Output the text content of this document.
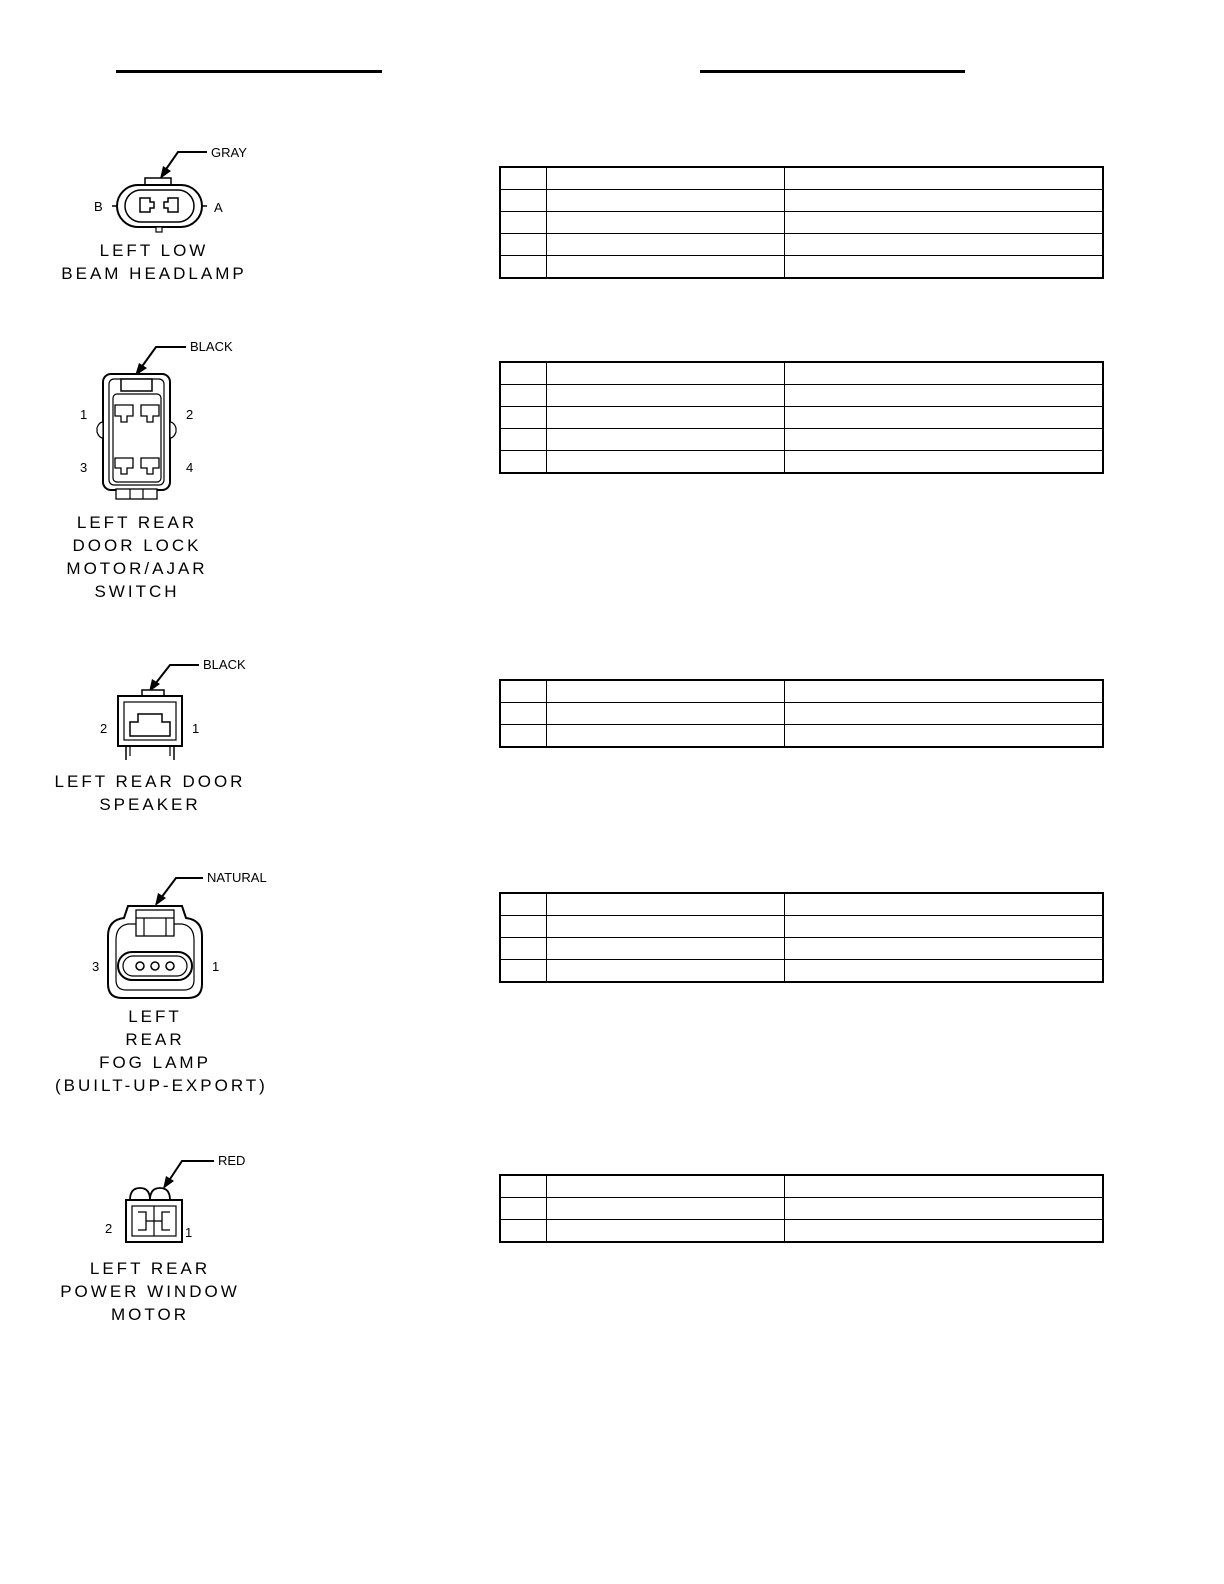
GRAY
B	A
LEFT LOW
BEAM HEADLAMP

BLACK
1	2
3	4
LEFT REAR
DOOR LOCK
MOTOR/AJAR
SWITCH

BLACK
2	1
LEFT REAR DOOR
SPEAKER

NATURAL
3	1
LEFT
REAR
FOG LAMP
(BUILT-UP-EXPORT)

RED
2	1
LEFT REAR
POWER WINDOW
MOTOR
